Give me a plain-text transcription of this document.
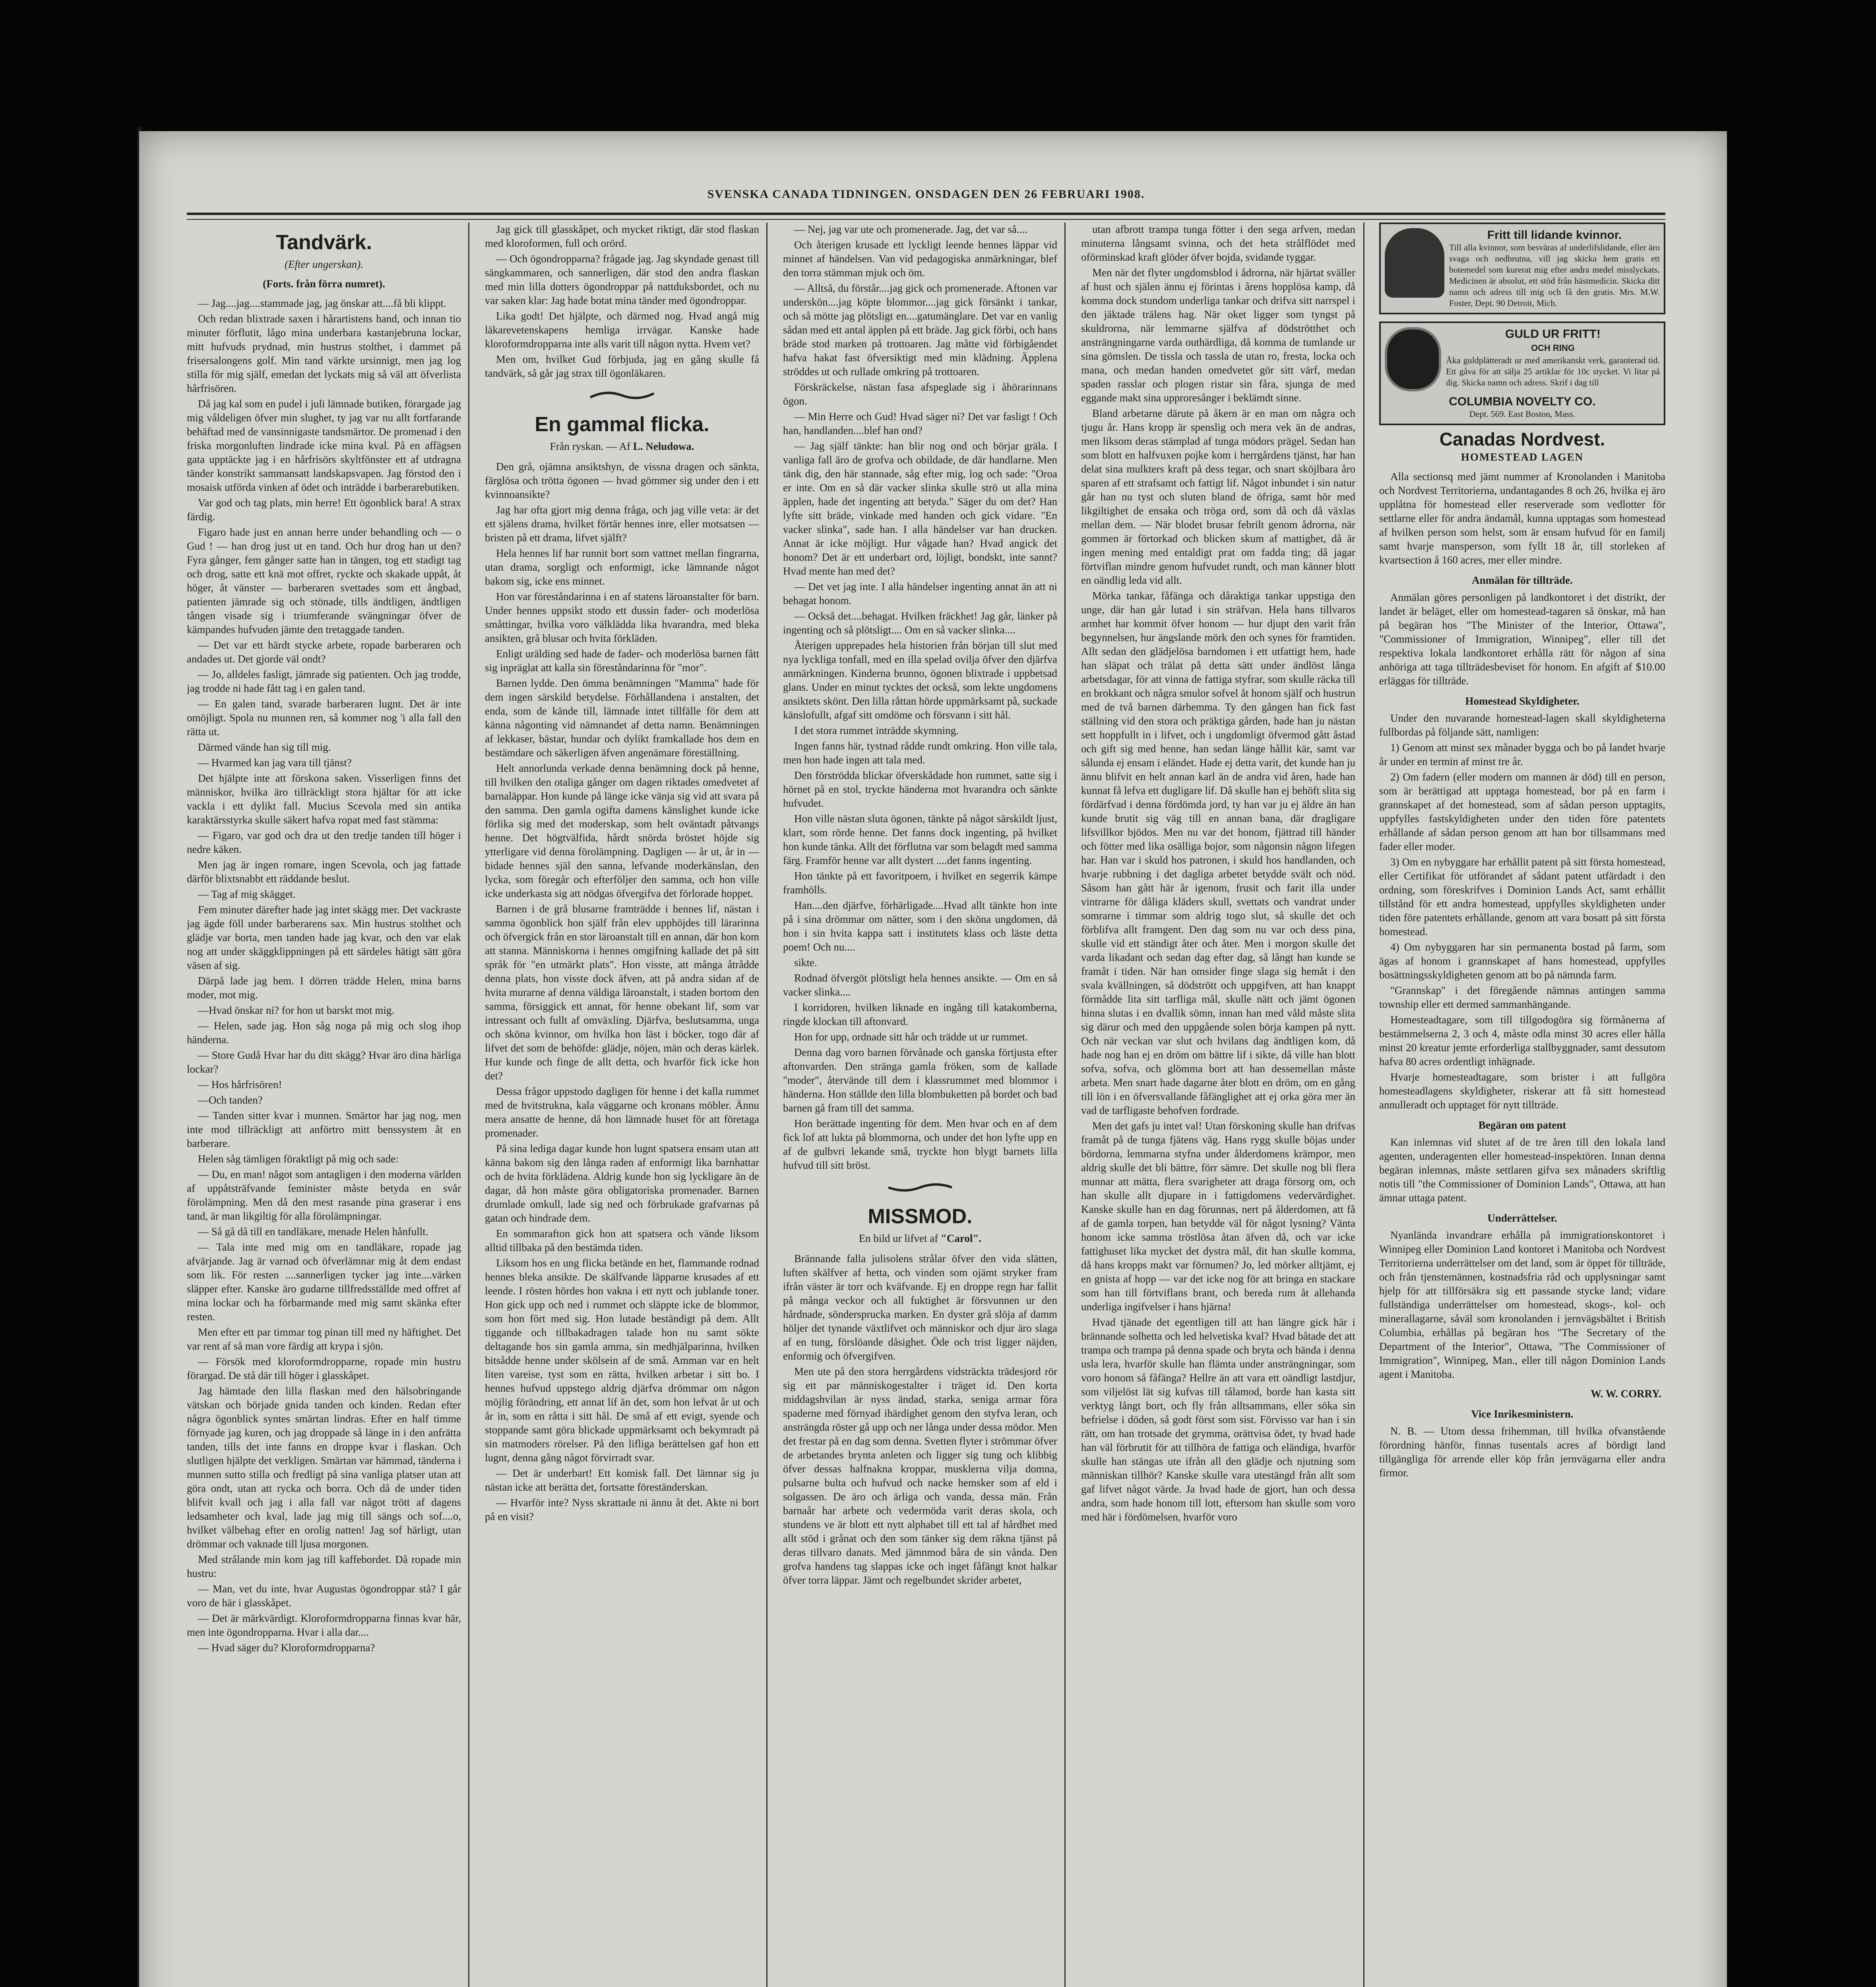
SVENSKA CANADA TIDNINGEN. ONSDAGEN DEN 26 FEBRUARI 1908.
Tandvärk.
(Efter ungerskan).
(Forts. från förra numret).

— Jag....jag....stammade jag, jag önskar att....få bli klippt.

Och redan blixtrade saxen i hårartistens hand, och innan tio minuter förflutit, lågo mina underbara kastanjebruna lockar, mitt hufvuds prydnad, min hustrus stolthet, i dammet på frisersalongens golf. Min tand värkte ursinnigt, men jag log stilla för mig själf, emedan det lyckats mig så väl att öfverlista hårfrisören.

Då jag kal som en pudel i juli lämnade butiken, förargade jag mig våldeligen öfver min slughet, ty jag var nu allt fortfarande behäftad med de vansinnigaste tandsmärtor. De promenad i den friska morgonluften lindrade icke mina kval. På en affägsen gata upptäckte jag i en hårfrisörs skyltfönster ett af utdragna tänder konstrikt sammansatt landskapsvapen. Jag förstod den i mosaisk utförda vinken af ödet och inträdde i barberarebutiken.

Var god och tag plats, min herre! Ett ögonblick bara! A strax färdig.

Figaro hade just en annan herre under behandling och — o Gud ! — han drog just ut en tand. Och hur drog han ut den? Fyra gånger, fem gånger satte han in tängen, tog ett stadigt tag och drog, satte ett knä mot offret, ryckte och skakade uppåt, åt höger, åt vänster — barberaren svettades som ett ångbad, patienten jämrade sig och stönade, tills ändtligen, ändtligen tången visade sig i triumferande svängningar öfver de kämpandes hufvuden jämte den tretaggade tanden.

— Det var ett härdt stycke arbete, ropade barberaren och andades ut. Det gjorde väl ondt?

— Jo, alldeles fasligt, jämrade sig patienten. Och jag trodde, jag trodde ni hade fått tag i en galen tand.

— En galen tand, svarade barberaren lugnt. Det är inte omöjligt. Spola nu munnen ren, så kommer nog 'i alla fall den rätta ut.

Därmed vände han sig till mig.

— Hvarmed kan jag vara till tjänst?

Det hjälpte inte att förskona saken. Visserligen finns det människor, hvilka äro tillräckligt stora hjältar för att icke vackla i ett dylikt fall. Mucius Scevola med sin antika karaktärsstyrka skulle säkert hafva ropat med fast stämma:

— Figaro, var god och dra ut den tredje tanden till höger i nedre käken.

Men jag är ingen romare, ingen Scevola, och jag fattade därför blixtsnabbt ett räddande beslut.

— Tag af mig skägget.

Fem minuter därefter hade jag intet skägg mer. Det vackraste jag ägde föll under barberarens sax. Min hustrus stolthet och glädje var borta, men tanden hade jag kvar, och den var elak nog att under skäggklippningen på ett särdeles hätigt sätt göra väsen af sig.

Därpå lade jag hem. I dörren trädde Helen, mina barns moder, mot mig.

—Hvad önskar ni? for hon ut barskt mot mig.

— Helen, sade jag. Hon såg noga på mig och slog ihop händerna.

— Store Gudå Hvar har du ditt skägg? Hvar äro dina härliga lockar?

— Hos hårfrisören!

—Och tanden?

— Tanden sitter kvar i munnen. Smärtor har jag nog, men inte mod tillräckligt att anförtro mitt benssystem åt en barberare.

Helen såg tämligen föraktligt på mig och sade:

— Du, en man! något som antagligen i den moderna världen af uppåtsträfvande feminister måste betyda en svår förolämpning. Men då den mest rasande pina graserar i ens tand, är man likgiltig för alla förolämpningar.

— Så gå då till en tandläkare, menade Helen hånfullt.

— Tala inte med mig om en tandläkare, ropade jag afvärjande. Jag är varnad och öfverlämnar mig åt dem endast som lik. För resten ....sannerligen tycker jag inte....värken släpper efter. Kanske äro gudarne tillfredsställde med offret af mina lockar och ha förbarmande med mig samt skänka efter resten.

Men efter ett par timmar tog pinan till med ny häftighet. Det var rent af så man vore färdig att krypa i sjön.

— Försök med kloroformdropparne, ropade min hustru förargad. De stå där till höger i glasskåpet.

Jag hämtade den lilla flaskan med den hälsobringande vätskan och började gnida tanden och kinden. Redan efter några ögonblick syntes smärtan lindras. Efter en half timme förnyade jag kuren, och jag droppade så länge in i den anfrätta tanden, tills det inte fanns en droppe kvar i flaskan. Och slutligen hjälpte det verkligen. Smärtan var hämmad, tänderna i munnen sutto stilla och fredligt på sina vanliga platser utan att göra ondt, utan att rycka och borra. Och då de under tiden blifvit kvall och jag i alla fall var något trött af dagens ledsamheter och kval, lade jag mig till sängs och sof....o, hvilket välbehag efter en orolig natten! Jag sof härligt, utan drömmar och vaknade till ljusa morgonen.

Med strålande min kom jag till kaffebordet. Då ropade min hustru:

— Man, vet du inte, hvar Augustas ögondroppar stå? I går voro de här i glasskåpet.

— Det är märkvärdigt. Kloroformdropparna finnas kvar här, men inte ögondropparna. Hvar i alla dar....

— Hvad säger du? Kloroformdropparna?

Jag gick till glasskåpet, och mycket riktigt, där stod flaskan med kloroformen, full och orörd.

— Och ögondropparna? frågade jag. Jag skyndade genast till sängkammaren, och sannerligen, där stod den andra flaskan med min lilla dotters ögondroppar på nattduksbordet, och nu var saken klar: Jag hade botat mina tänder med ögondroppar.

Lika godt! Det hjälpte, och därmed nog. Hvad angå mig läkarevetenskapens hemliga irrvägar. Kanske hade kloroformdropparna inte alls varit till någon nytta. Hvem vet?

Men om, hvilket Gud förbjuda, jag en gång skulle få tandvärk, så går jag strax till ögonläkaren.

En gammal flicka.
Från ryskan. — Af L. Neludowa.

Den grå, ojämna ansiktshyn, de vissna dragen och sänkta, färglösa och trötta ögonen — hvad gömmer sig under den i ett kvinnoansikte?

Jag har ofta gjort mig denna fråga, och jag ville veta: är det ett själens drama, hvilket förtär hennes inre, eller motsatsen — bristen på ett drama, lifvet själft?

Hela hennes lif har runnit bort som vattnet mellan fingrarna, utan drama, sorgligt och enformigt, icke lämnande något bakom sig, icke ens minnet.

Hon var föreståndarinna i en af statens läroanstalter för barn. Under hennes uppsikt stodo ett dussin fader- och moderlösa småttingar, hvilka voro välklädda lika hvarandra, med bleka ansikten, grå blusar och hvita förkläden.

Enligt urälding sed hade de fader- och moderlösa barnen fått sig inpräglat att kalla sin föreståndarinna för "mor".

Barnen lydde. Den ömma benämningen "Mamma" hade för dem ingen särskild betydelse. Förhållandena i anstalten, det enda, som de kände till, lämnade intet tillfälle för dem att känna någonting vid nämnandet af detta namn. Benämningen af lekkaser, bästar, hundar och dylikt framkallade hos dem en bestämdare och säkerligen äfven angenämare föreställning.

Helt annorlunda verkade denna benämning dock på henne, till hvilken den otaliga gånger om dagen riktades omedvetet af barnaläppar. Hon kunde på länge icke vänja sig vid att svara på den samma. Den gamla ogifta damens känslighet kunde icke förlika sig med det moderskap, som helt oväntadt påtvangs henne. Det högtvälfida, hårdt snörda bröstet höjde sig ytterligare vid denna förolämpning. Dagligen — år ut, år in — bidade hennes själ den sanna, lefvande moderkänslan, den lycka, som föregår och efterföljer den samma, och hon ville icke underkasta sig att nödgas öfvergifva det förlorade hoppet.

Barnen i de grå blusarne framträdde i hennes lif, nästan i samma ögonblick hon själf från elev upphöjdes till lärarinna och öfvergick från en stor läroanstalt till en annan, där hon kom att stanna. Människorna i hennes omgifning kallade det på sitt språk för "en utmärkt plats". Hon visste, att många åtrådde denna plats, hon visste dock äfven, att på andra sidan af de hvita murarne af denna väldiga läroanstalt, i staden bortom den samma, försiggick ett annat, för henne obekant lif, som var intressant och fullt af omväxling. Djärfva, beslutsamma, unga och sköna kvinnor, om hvilka hon läst i böcker, togo där af lifvet det som de behöfde: glädje, nöjen, män och deras kärlek. Hur kunde och finge de allt detta, och hvarför fick icke hon det?

Dessa frågor uppstodo dagligen för henne i det kalla rummet med de hvitstrukna, kala väggarne och kronans möbler. Ännu mera ansatte de henne, då hon lämnade huset för att företaga promenader.

På sina lediga dagar kunde hon lugnt spatsera ensam utan att känna bakom sig den långa raden af enformigt lika barnhattar och de hvita förklädena. Aldrig kunde hon sig lyckligare än de dagar, då hon måste göra obligatoriska promenader. Barnen drumlade omkull, lade sig ned och förbrukade grafvarnas på gatan och hindrade dem.

En sommarafton gick hon att spatsera och vände liksom alltid tillbaka på den bestämda tiden.

Liksom hos en ung flicka betände en het, flammande rodnad hennes bleka ansikte. De skälfvande läpparne krusades af ett leende. I rösten hördes hon vakna i ett nytt och jublande toner. Hon gick upp och ned i rummet och släppte icke de blommor, som hon fört med sig. Hon lutade beständigt på dem. Allt tiggande och tillbakadragen talade hon nu samt sökte deltagande hos sin gamla amma, sin medhjälparinna, hvilken bitsådde henne under skölsein af de små. Amman var en helt liten vareise, tyst som en rätta, hvilken arbetar i sitt bo. I hennes hufvud uppstego aldrig djärfva drömmar om någon möjlig förändring, ett annat lif än det, som hon lefvat år ut och år in, som en råtta i sitt hål. De små af ett evigt, syende och stoppande samt göra blickade uppmärksamt och bekymradt på sin matmoders rörelser. På den lifliga berättelsen gaf hon ett lugnt, denna gång något förvirradt svar.

— Det är underbart! Ett komisk fall. Det lämnar sig ju nästan icke att berätta det, fortsatte föreständerskan.

— Hvarför inte? Nyss skrattade ni ännu åt det. Akte ni bort på en visit?

— Nej, jag var ute och promenerade. Jag, det var så....

Och återigen krusade ett lyckligt leende hennes läppar vid minnet af händelsen. Van vid pedagogiska anmärkningar, blef den torra stämman mjuk och öm.

— Alltså, du förstår....jag gick och promenerade. Aftonen var underskön....jag köpte blommor....jag gick försänkt i tankar, och så mötte jag plötsligt en....gatumänglare. Det var en vanlig sådan med ett antal äpplen på ett bräde. Jag gick förbi, och hans bräde stod marken på trottoaren. Jag måtte vid förbigåendet hafva hakat fast öfversiktigt med min klädning. Äpplena ströddes ut och rullade omkring på trottoaren.

Förskräckelse, nästan fasa afspeglade sig i åhörarinnans ögon.

— Min Herre och Gud! Hvad säger ni? Det var fasligt ! Och han, handlanden....blef han ond?

— Jag själf tänkte: han blir nog ond och börjar gräla. I vanliga fall äro de grofva och obildade, de där handlarne. Men tänk dig, den här stannade, såg efter mig, log och sade: "Oroa er inte. Om en så där vacker slinka skulle strö ut alla mina äpplen, hade det ingenting att betyda." Säger du om det? Han lyfte sitt bräde, vinkade med handen och gick vidare. "En vacker slinka", sade han. I alla händelser var han drucken. Annat är icke möjligt. Hur vågade han? Hvad angick det honom? Det är ett underbart ord, löjligt, bondskt, inte sannt? Hvad mente han med det?

— Det vet jag inte. I alla händelser ingenting annat än att ni behagat honom.

— Också det....behagat. Hvilken fräckhet! Jag går, länker på ingenting och så plötsligt.... Om en så vacker slinka....

Återigen upprepades hela historien från början till slut med nya lyckliga tonfall, med en illa spelad ovilja öfver den djärfva anmärkningen. Kinderna brunno, ögonen blixtrade i uppbetsad glans. Under en minut tycktes det också, som lekte ungdomens ansiktets skönt. Den lilla råttan hörde uppmärksamt på, suckade känslofullt, afgaf sitt omdöme och försvann i sitt hål.

I det stora rummet inträdde skymning.

Ingen fanns här, tystnad rådde rundt omkring. Hon ville tala, men hon hade ingen att tala med.

Den förströdda blickar öfverskådade hon rummet, satte sig i hörnet på en stol, tryckte händerna mot hvarandra och sänkte hufvudet.

Hon ville nästan sluta ögonen, tänkte på något särskildt ljust, klart, som rörde henne. Det fanns dock ingenting, på hvilket hon kunde tänka. Allt det förflutna var som belagdt med samma färg. Framför henne var allt dystert ....det fanns ingenting.

Hon tänkte på ett favoritpoem, i hvilket en segerrik kämpe framhölls.

Han....den djärfve, förhärligade....Hvad allt tänkte hon inte på i sina drömmar om nätter, som i den sköna ungdomen, då hon i sin hvita kappa satt i institutets klass och läste detta poem! Och nu....

sikte.

Rodnad öfvergöt plötsligt hela hennes ansikte. — Om en så vacker slinka....

I korridoren, hvilken liknade en ingång till katakomberna, ringde klockan till aftonvard.

Hon for upp, ordnade sitt hår och trädde ut ur rummet.

Denna dag voro barnen förvånade och ganska förtjusta efter aftonvarden. Den stränga gamla fröken, som de kallade "moder", återvände till dem i klassrummet med blommor i händerna. Hon ställde den lilla blombuketten på bordet och bad barnen gå fram till det samma.

Hon berättade ingenting för dem. Men hvar och en af dem fick lof att lukta på blommorna, och under det hon lyfte upp en af de gulbvri lekande små, tryckte hon blygt barnets lilla hufvud till sitt bröst.

MISSMOD.
En bild ur lifvet af "Carol".

Brännande falla julisolens strålar öfver den vida slätten, luften skälfver af hetta, och vinden som ojämt stryker fram ifrån väster är torr och kväfvande. Ej en droppe regn har fallit på många veckor och all fuktighet är försvunnen ur den hårdnade, söndersprucka marken. En dyster grå slöja af damm höljer det tynande växtlifvet och människor och djur äro slaga af en tung, förslöande dåsighet. Öde och trist ligger näjden, enformig och öfvergifven.

Men ute på den stora herrgårdens vidsträckta trädesjord rör sig ett par människogestalter i träget id. Den korta middagshvilan är nyss ändad, starka, seniga armar föra spaderne med förnyad ihärdighet genom den styfva leran, och ansträngda röster gå upp och ner långa under dessa mödor. Men det frestar på en dag som denna. Svetten flyter i strömmar öfver de arbetandes brynta anleten och ligger sig tung och klibbig öfver dessas halfnakna kroppar, musklerna vilja domna, pulsarne bulta och hufvud och nacke hemsker som af eld i solgassen. De äro och ärliga och vanda, dessa män. Från barnaår har arbete och vedermöda varit deras skola, och stundens ve är blott ett nytt alphabet till ett tal af hårdhet med allt stöd i grånat och den som tänker sig dem räkna tjänst på deras tillvaro danats. Med jämnmod båra de sin vånda. Den grofva handens tag slappas icke och inget fåfängt knot halkar öfver torra läppar. Jämt och regelbundet skrider arbetet,

utan afbrott trampa tunga fötter i den sega arfven, medan minuterna långsamt svinna, och det heta strålflödet med oförminskad kraft glöder öfver bojda, svidande tyggar.

Men när det flyter ungdomsblod i ådrorna, när hjärtat sväller af hust och själen ännu ej förintas i årens hopplösa kamp, då komma dock stundom underliga tankar och drifva sitt narrspel i den jäktade trälens hag. När oket ligger som tyngst på skuldrorna, när lemmarne själfva af dödströtthet och ansträngningarne varda outhärdliga, då komma de tumlande ur sina gömslen. De tissla och tassla de utan ro, fresta, locka och mana, och medan handen omedvetet gör sitt värf, medan spaden rasslar och plogen ristar sin fåra, sjunga de med eggande makt sina upproresånger i beklämdt sinne.

Bland arbetarne därute på åkern är en man om några och tjugu år. Hans kropp är spenslig och mera vek än de andras, men liksom deras stämplad af tunga mödors prägel. Sedan han som blott en halfvuxen pojke kom i herrgårdens tjänst, har han delat sina mulkters kraft på dess tegar, och snart sköjlbara åro sparen af ett strafsamt och fattigt lif. Något inbundet i sin natur går han nu tyst och sluten bland de öfriga, samt hör med likgiltighet de ensaka och tröga ord, som då och då växlas mellan dem. — När blodet brusar febrilt genom ådrorna, när gommen är förtorkad och blicken skum af mattighet, då är ingen mening med entaldigt prat om fadda ting; då jagar förtviflan mindre genom hufvudet rundt, och man känner blott en oändlig leda vid allt.

Mörka tankar, fåfänga och dåraktiga tankar uppstiga den unge, där han går lutad i sin sträfvan. Hela hans tillvaros armhet har kommit öfver honom — hur djupt den varit från begynnelsen, hur ängslande mörk den och synes för framtiden. Allt sedan den glädjelösa barndomen i ett utfattigt hem, hade han släpat och trälat på detta sätt under ändlöst långa arbetsdagar, för att vinna de fattiga styfrar, som skulle räcka till en brokkant och några smulor sofvel åt honom själf och hustrun med de två barnen därhemma. Ty den gången han fick fast ställning vid den stora och präktiga gården, hade han ju nästan sett hoppfullt in i lifvet, och i ungdomligt öfvermod gått åstad och gift sig med henne, han sedan länge hållit kär, samt var sålunda ej ensam i eländet. Hade ej detta varit, det kunde han ju ännu blifvit en helt annan karl än de andra vid åren, hade han kunnat få lefva ett dugligare lif. Då skulle han ej behöft slita sig fördärfvad i denna fördömda jord, ty han var ju ej äldre än han kunde brutit sig väg till en annan bana, där dragligare lifsvillkor bjödos. Men nu var det honom, fjättrad till händer och fötter med lika osälliga bojor, som någonsin någon lifegen har. Han var i skuld hos patronen, i skuld hos handlanden, och hvarje rubbning i det dagliga arbetet betydde svält och nöd. Såsom han gått här år igenom, frusit och farit illa under vintrarne för dåliga kläders skull, svettats och vandrat under somrarne i timmar som aldrig togo slut, så skulle det och förblifva allt framgent. Den dag som nu var och dess pina, skulle vid ett ständigt åter och åter. Men i morgon skulle det varda likadant och sedan dag efter dag, så långt han kunde se framåt i tiden. När han omsider finge slaga sig hemåt i den svala kvällningen, så dödstrött och uppgifven, att han knappt förmådde lita sitt tarfliga mål, skulle nätt och jämt ögonen hinna slutas i en dvallik sömn, innan han med våld måste slita sig därur och med den uppgående solen börja kampen på nytt. Och när veckan var slut och hvilans dag ändtligen kom, då hade nog han ej en dröm om bättre lif i sikte, då ville han blott sofva, sofva, och glömma bort att han dessemellan måste arbeta. Men snart hade dagarne åter blott en dröm, om en gång till lön i en öfversvallande fåfänglighet att ej orka göra mer än vad de tarfligaste behofven fordrade.

Men det gafs ju intet val! Utan förskoning skulle han drifvas framåt på de tunga fjätens väg. Hans rygg skulle böjas under bördorna, lemmarna styfna under ålderdomens krämpor, men aldrig skulle det bli bättre, förr sämre. Det skulle nog bli flera munnar att mätta, flera svarigheter att draga försorg om, och han skulle allt djupare in i fattigdomens vedervärdighet. Kanske skulle han en dag förunnas, nert på ålderdomen, att få af de gamla torpen, han betydde väl för något lysning? Vänta honom icke samma tröstlösa åtan äfven då, och var icke fattighuset lika mycket det dystra mål, dit han skulle komma, då hans kropps makt var förnumen? Jo, led mörker alltjämt, ej en gnista af hopp — var det icke nog för att bringa en stackare som han till förtviflans brant, och bereda rum åt allehanda underliga ingifvelser i hans hjärna!

Hvad tjänade det egentligen till att han längre gick här i brännande solhetta och led helvetiska kval? Hvad båtade det att trampa och trampa på denna spade och bryta och bända i denna usla lera, hvarför skulle han flämta under ansträngningar, som voro honom så fåfänga? Hellre än att vara ett oändligt lastdjur, som viljelöst lät sig kufvas till tålamod, borde han kasta sitt verktyg långt bort, och fly från alltsammans, eller söka sin befrielse i döden, så godt först som sist. Förvisso var han i sin rätt, om han trotsade det grymma, orättvisa ödet, ty hvad hade han väl förbrutit för att tillhöra de fattiga och eländiga, hvarför skulle han stängas ute ifrån all den glädje och njutning som människan tillhör? Kanske skulle vara utestängd från allt som gaf lifvet något värde. Ja hvad hade de gjort, han och dessa andra, som hade honom till lott, eftersom han skulle som voro med här i fördömelsen, hvarför voro

Fritt till lidande kvinnor.
Till alla kvinnor, som besväras af underlifslidande, eller äro svaga och nedbrutna, vill jag skicka hem gratis ett botemedel som kurerat mig efter andra medel misslyckats. Medicinen är absolut, ett stöd från hästmedicin. Skicka ditt namn och adress till mig och få den gratis. Mrs. M.W. Foster, Dept. 90 Detroit, Mich.
GULD UR FRITT!
OCH RING
Åka guldplätteradt ur med amerikanskt verk, garanterad tid. Ett gåva för att sälja 25 artiklar för 10c stycket. Vi litar på dig. Skicka namn och adress. Skrif i dag till
COLUMBIA NOVELTY CO.
Dept. 569. East Boston, Mass.
Canadas Nordvest.
HOMESTEAD LAGEN

Alla sectionsq med jämt nummer af Kronolanden i Manitoba och Nordvest Territorierna, undantagandes 8 och 26, hvilka ej äro upplåtna för homestead eller reserverade som vedlotter för settlarne eller för andra ändamål, kunna upptagas som homestead af hvilken person som helst, som är ensam hufvud för en familj samt hvarje mansperson, som fyllt 18 år, till storleken af kvartsection å 160 acres, mer eller mindre.

Anmälan för tillträde.

Anmälan göres personligen på landkontoret i det distrikt, der landet är beläget, eller om homestead-tagaren så önskar, må han på begäran hos "The Minister of the Interior, Ottawa", "Commissioner of Immigration, Winnipeg", eller till det respektiva lokala landkontoret erhålla rätt för någon af sina anhöriga att taga tillträdesbeviset för honom. En afgift af $10.00 erläggas för tillträde.

Homestead Skyldigheter.

Under den nuvarande homestead-lagen skall skyldigheterna fullbordas på följande sätt, namligen:

1) Genom att minst sex månader bygga och bo på landet hvarje år under en termin af minst tre år.

2) Om fadern (eller modern om mannen är död) till en person, som är berättigad att upptaga homestead, bor på en farm i grannskapet af det homestead, som af sådan person upptagits, uppfylles fastskyldigheten under den tiden före patentets erhållande af sådan person genom att han bor tillsammans med fader eller moder.

3) Om en nybyggare har erhållit patent på sitt första homestead, eller Certifikat för utförandet af sådant patent utfärdadt i den ordning, som föreskrifves i Dominion Lands Act, samt erhållit tillstånd för ett andra homestead, uppfylles skyldigheten under tiden före patentets erhållande, genom att vara bosatt på sitt första homestead.

4) Om nybyggaren har sin permanenta bostad på farm, som ägas af honom i grannskapet af hans homestead, uppfylles bosättningsskyldigheten genom att bo på nämnda farm.

"Grannskap" i det föregående nämnas antingen samma township eller ett dermed sammanhängande.

Homesteadtagare, som till tillgodogöra sig förmånerna af bestämmelserna 2, 3 och 4, måste odla minst 30 acres eller hålla minst 20 kreatur jemte erforderliga stallbyggnader, samt dessutom hafva 80 acres ordentligt inhägnade.

Hvarje homesteadtagare, som brister i att fullgöra homesteadlagens skyldigheter, riskerar att få sitt homestead annulleradt och upptaget för nytt tillträde.

Begäran om patent

Kan inlemnas vid slutet af de tre åren till den lokala land agenten, underagenten eller homestead-inspektören. Innan denna begäran inlemnas, måste settlaren gifva sex månaders skriftlig notis till "the Commissioner of Dominion Lands", Ottawa, att han ämnar uttaga patent.

Underrättelser.

Nyanlända invandrare erhålla på immigrationskontoret i Winnipeg eller Dominion Land kontoret i Manitoba och Nordvest Territorierna underrättelser om det land, som är öppet för tillträde, och från tjenstemännen, kostnadsfria råd och upplysningar samt hjelp för att tillförsäkra sig ett passande stycke land; vidare fullständiga underrättelser om homestead, skogs-, kol- och minerallagarne, såväl som kronolanden i jernvägsbältet i British Columbia, erhållas på begäran hos "The Secretary of the Department of the Interior", Ottawa, "The Commissioner of Immigration", Winnipeg, Man., eller till någon Dominion Lands agent i Manitoba.

W. W. CORRY.
Vice Inrikesministern.

N. B. — Utom dessa frihemman, till hvilka ofvanstående förordning hänför, finnas tusentals acres af bördigt land tillgängliga för arrende eller köp från jernvägarna eller andra firmor.
